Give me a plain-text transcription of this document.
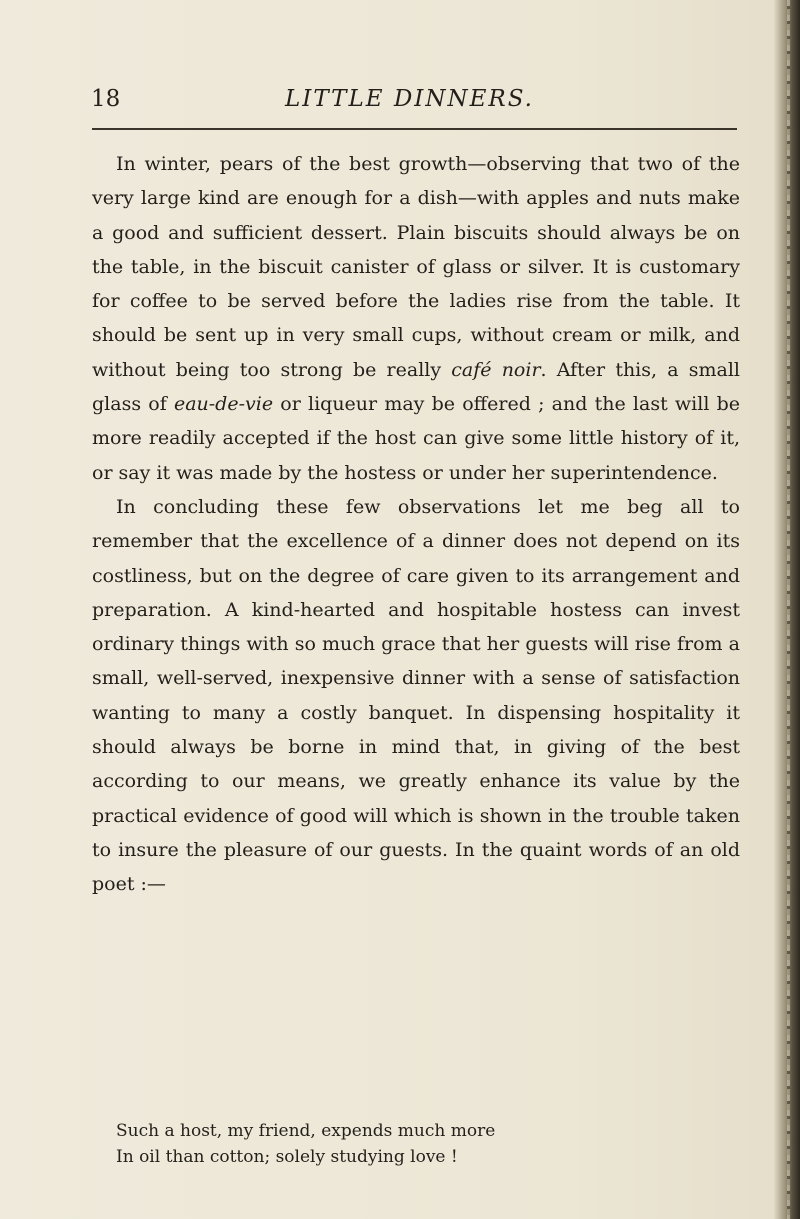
18	LITTLE DINNERS.

In winter, pears of the best growth—observing that two of the very large kind are enough for a dish—with apples and nuts make a good and sufficient dessert. Plain biscuits should always be on the table, in the biscuit canister of glass or silver. It is customary for coffee to be served before the ladies rise from the table. It should be sent up in very small cups, without cream or milk, and without being too strong be really café noir. After this, a small glass of eau-de-vie or liqueur may be offered ; and the last will be more readily accepted if the host can give some little history of it, or say it was made by the hostess or under her superintendence.

In concluding these few observations let me beg all to remember that the excellence of a dinner does not depend on its costliness, but on the degree of care given to its arrangement and preparation. A kind-hearted and hospitable hostess can invest ordinary things with so much grace that her guests will rise from a small, well-served, inexpensive dinner with a sense of satisfaction wanting to many a costly banquet. In dispensing hospitality it should always be borne in mind that, in giving of the best according to our means, we greatly enhance its value by the practical evidence of good will which is shown in the trouble taken to insure the pleasure of our guests. In the quaint words of an old poet :—

Such a host, my friend, expends much more
In oil than cotton; solely studying love !
